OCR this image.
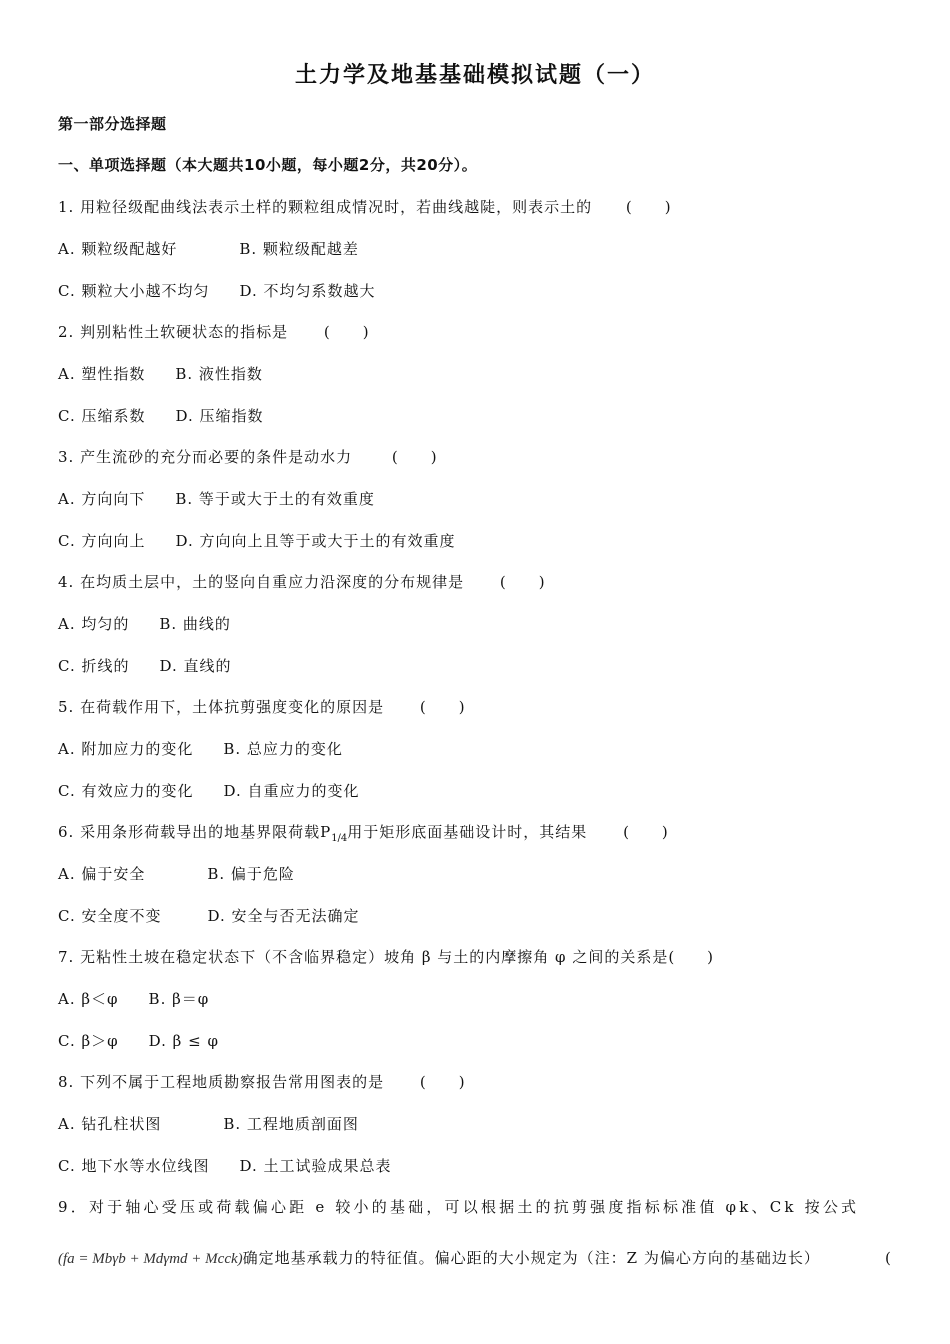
土力学及地基基础模拟试题（一）
第一部分选择题
一、单项选择题（本大题共10小题，每小题2分，共20分）。
1. 用粒径级配曲线法表示土样的颗粒组成情况时，若曲线越陡，则表示土的 (　　)
A. 颗粒级配越好	B. 颗粒级配越差
C. 颗粒大小越不均匀 D. 不均匀系数越大
2. 判别粘性土软硬状态的指标是 (　　)
A. 塑性指数 B. 液性指数
C. 压缩系数 D. 压缩指数
3. 产生流砂的充分而必要的条件是动水力	(　　)
A. 方向向下 B. 等于或大于土的有效重度
C. 方向向上 D. 方向向上且等于或大于土的有效重度
4. 在均质土层中，土的竖向自重应力沿深度的分布规律是 (　　)
A. 均匀的 B. 曲线的
C. 折线的 D. 直线的
5. 在荷载作用下，土体抗剪强度变化的原因是 (　　)
A. 附加应力的变化 B. 总应力的变化
C. 有效应力的变化 D. 自重应力的变化
6. 采用条形荷载导出的地基界限荷载$P_{1/4}$用于矩形底面基础设计时，其结果 (　　)
A. 偏于安全	B. 偏于危险
C. 安全度不变	D. 安全与否无法确定
7. 无粘性土坡在稳定状态下（不含临界稳定）坡角 β 与土的内摩擦角 φ 之间的关系是(　　)
A. β＜φ B. β＝φ
C. β＞φ D. β ≤ φ
8. 下列不属于工程地质勘察报告常用图表的是 (　　)
A. 钻孔柱状图	B. 工程地质剖面图
C. 地下水等水位线图 D. 土工试验成果总表
9．对于轴心受压或荷载偏心距 e 较小的基础，可以根据土的抗剪强度指标标准值 φk、Ck 按公式
(fa = Mbγb + Mdγmd + Mcck)确定地基承载力的特征值。偏心距的大小规定为（注：Z 为偏心方向的基础边长）	(
